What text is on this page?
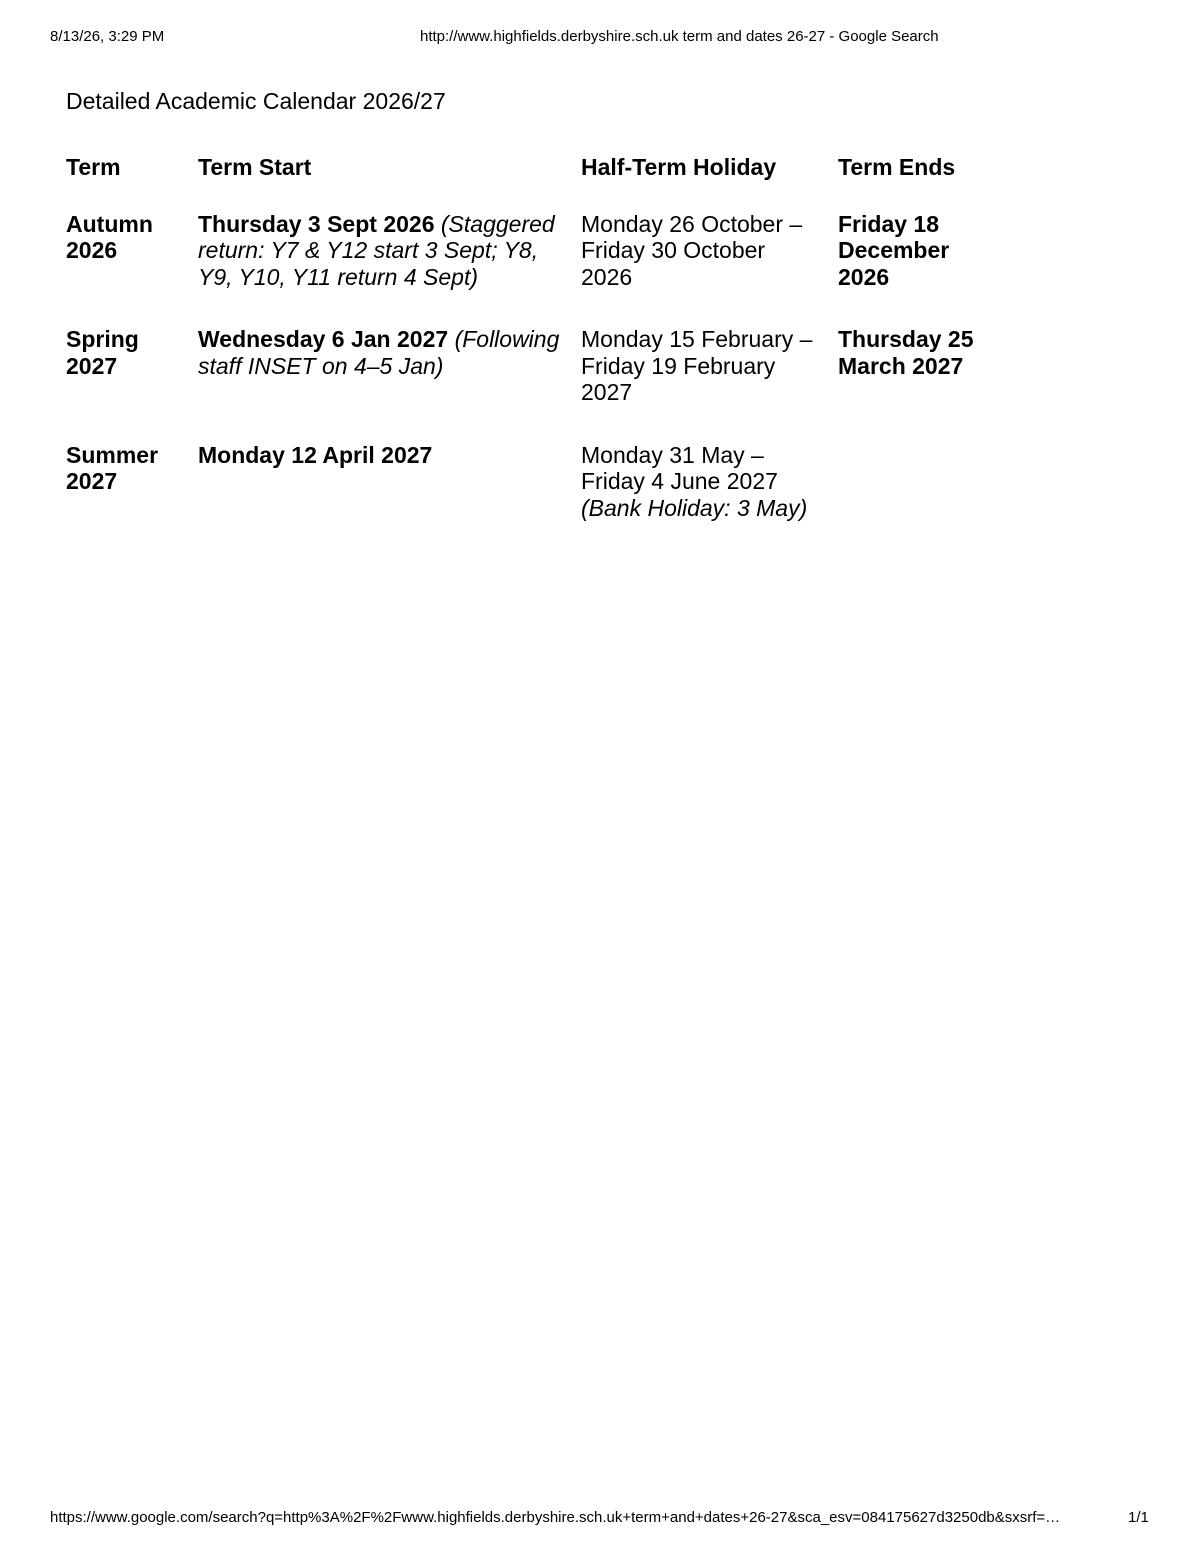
8/13/26, 3:29 PM	http://www.highfields.derbyshire.sch.uk term and dates 26-27 - Google Search
Detailed Academic Calendar 2026/27
Term	Term Start	Half-Term Holiday	Term Ends
Autumn 2026	Thursday 3 Sept 2026 (Staggered return: Y7 & Y12 start 3 Sept; Y8, Y9, Y10, Y11 return 4 Sept)	Monday 26 October – Friday 30 October 2026	Friday 18 December 2026
Spring 2027	Wednesday 6 Jan 2027 (Following staff INSET on 4–5 Jan)	Monday 15 February – Friday 19 February 2027	Thursday 25 March 2027
Summer 2027	Monday 12 April 2027	Monday 31 May – Friday 4 June 2027 (Bank Holiday: 3 May)	
https://www.google.com/search?q=http%3A%2F%2Fwww.highfields.derbyshire.sch.uk+term+and+dates+26-27&sca_esv=084175627d3250db&sxsrf=…	1/1
